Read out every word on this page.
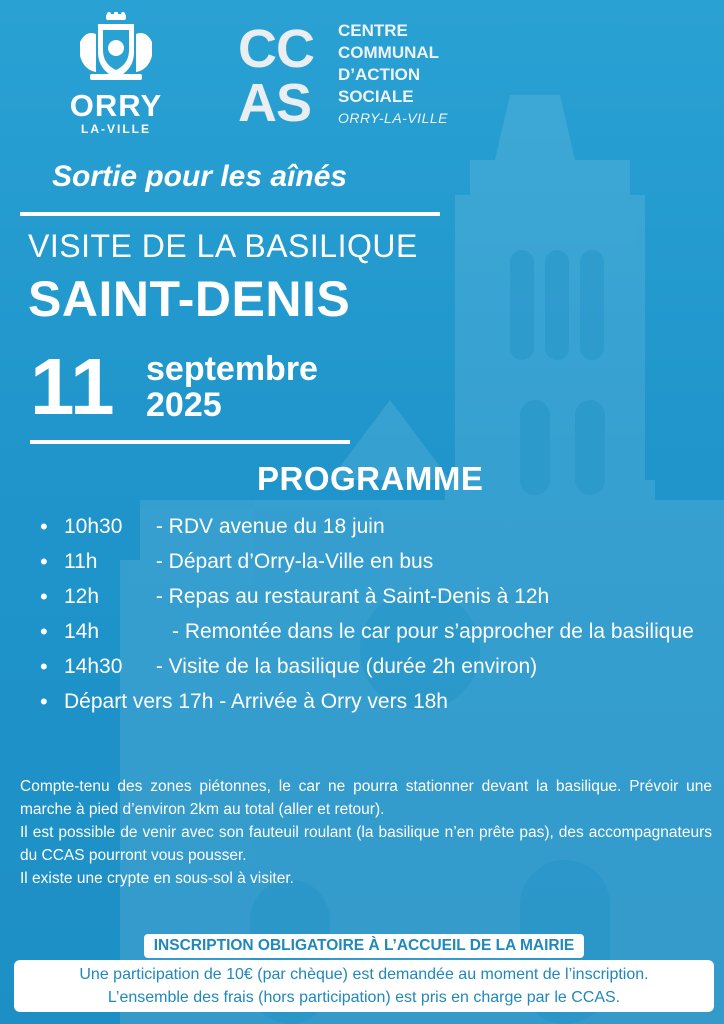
ORRY
LA-VILLE
CC
AS
CENTRE
COMMUNAL
D’ACTION
SOCIALE
ORRY-LA-VILLE
Sortie pour les aînés
VISITE DE LA BASILIQUE
SAINT-DENIS
11 septembre
2025
PROGRAMME
• 10h30 - RDV avenue du 18 juin
• 11h	- Départ d’Orry-la-Ville en bus
• 12h	- Repas au restaurant à Saint-Denis à 12h
• 14h	- Remontée dans le car pour s’approcher de la basilique
• 14h30 - Visite de la basilique (durée 2h environ)
• Départ vers 17h - Arrivée à Orry vers 18h

Compte-tenu des zones piétonnes, le car ne pourra stationner devant la basilique. Prévoir une marche à pied d’environ 2km au total (aller et retour).

Il est possible de venir avec son fauteuil roulant (la basilique n’en prête pas), des accompagnateurs du CCAS pourront vous pousser.

Il existe une crypte en sous-sol à visiter.

INSCRIPTION OBLIGATOIRE À L’ACCUEIL DE LA MAIRIE
Une participation de 10€ (par chèque) est demandée au moment de l’inscription.
L’ensemble des frais (hors participation) est pris en charge par le CCAS.
